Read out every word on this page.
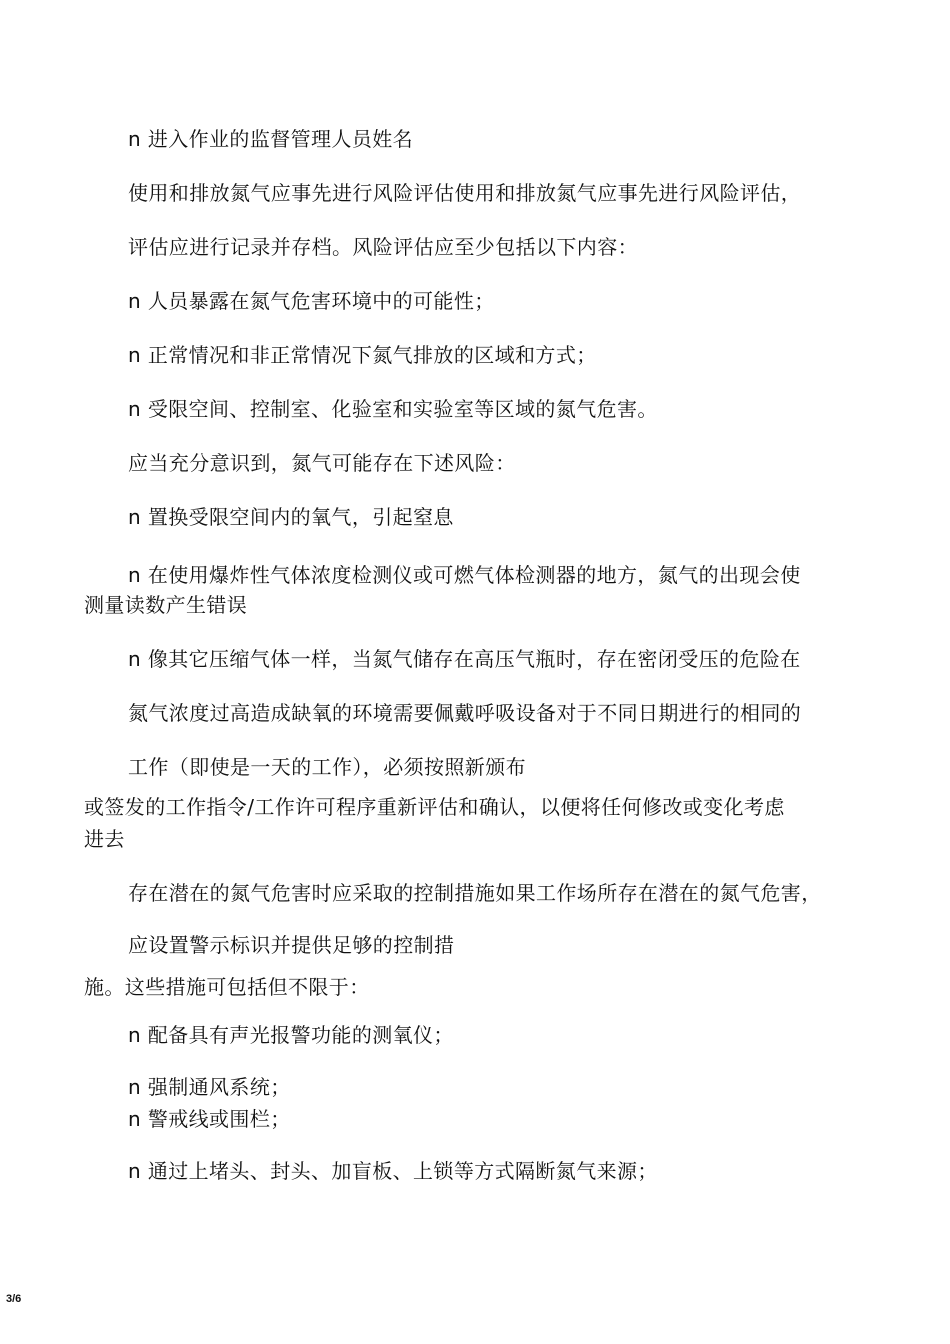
n 进入作业的监督管理人员姓名
使用和排放氮气应事先进行风险评估使用和排放氮气应事先进行风险评估，
评估应进行记录并存档。风险评估应至少包括以下内容：
n 人员暴露在氮气危害环境中的可能性；
n 正常情况和非正常情况下氮气排放的区域和方式；
n 受限空间、控制室、化验室和实验室等区域的氮气危害。
应当充分意识到，氮气可能存在下述风险：
n 置换受限空间内的氧气，引起窒息
n 在使用爆炸性气体浓度检测仪或可燃气体检测器的地方，氮气的出现会使
测量读数产生错误
n 像其它压缩气体一样，当氮气储存在高压气瓶时，存在密闭受压的危险在
氮气浓度过高造成缺氧的环境需要佩戴呼吸设备对于不同日期进行的相同的
工作（即使是一天的工作），必须按照新颁布
或签发的工作指令/工作许可程序重新评估和确认，以便将任何修改或变化考虑
进去
存在潜在的氮气危害时应采取的控制措施如果工作场所存在潜在的氮气危害，
应设置警示标识并提供足够的控制措
施。这些措施可包括但不限于：
n 配备具有声光报警功能的测氧仪；
n 强制通风系统；
n 警戒线或围栏；
n 通过上堵头、封头、加盲板、上锁等方式隔断氮气来源；
3/6
